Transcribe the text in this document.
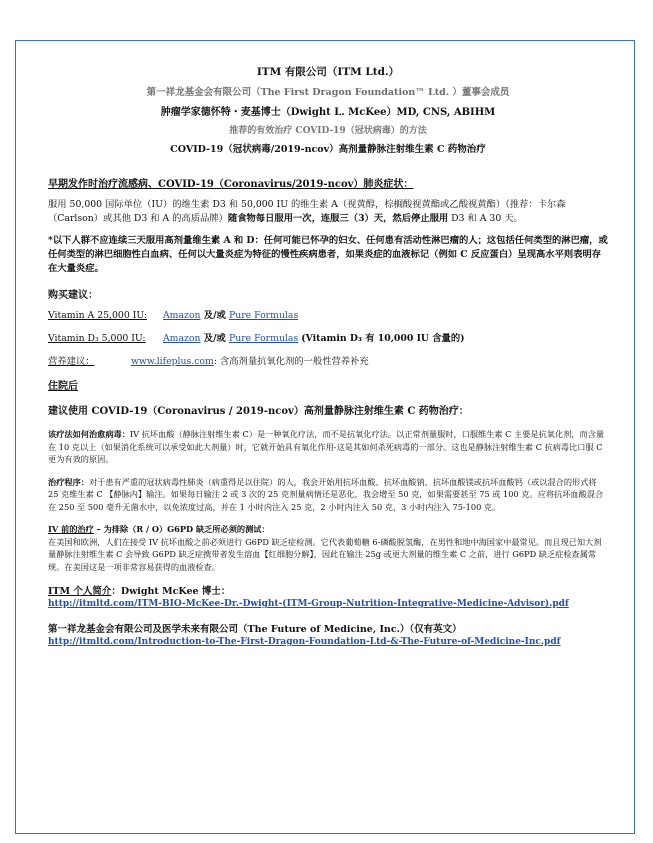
ITM 有限公司（ITM Ltd.）
第一祥龙基金会有限公司（The First Dragon Foundation™ Ltd. ）董事会成员
肿瘤学家德怀特・麦基博士（Dwight L. McKee）MD, CNS, ABIHM
推荐的有效治疗 COVID-19（冠状病毒）的方法
COVID-19（冠状病毒/2019-ncov）高剂量静脉注射维生素 C 药物治疗
早期发作时治疗流感病、COVID-19（Coronavirus/2019-ncov）肺炎症状：

服用 50,000 国际单位（IU）的维生素 D3 和 50,000 IU 的维生素 A（视黄醇，棕榈酸视黄酯或乙酸视黄酯）（推荐：卡尔森（Carlson）或其他 D3 和 A 的高质品牌）随食物每日服用一次，连服三（3）天，然后停止服用 D3 和 A 30 天。

*以下人群不应连续三天服用高剂量维生素 A 和 D：任何可能已怀孕的妇女、任何患有活动性淋巴瘤的人；这包括任何类型的淋巴瘤，或任何类型的淋巴细胞性白血病、任何以大量炎症为特征的慢性疾病患者，如果炎症的血液标记（例如 C 反应蛋白）呈现高水平则表明存在大量炎症。

购买建议：
Vitamin A 25,000 IU: Amazon 及/或 Pure Formulas
Vitamin D₃ 5,000 IU: Amazon 及/或 Pure Formulas (Vitamin D₃ 有 10,000 IU 含量的)
营养建议：	www.lifeplus.com: 含高剂量抗氧化剂的一般性营养补充
住院后
建议使用 COVID-19（Coronavirus / 2019-ncov）高剂量静脉注射维生素 C 药物治疗：

该疗法如何治愈病毒：IV 抗坏血酸（静脉注射维生素 C）是一种氧化疗法，而不是抗氧化疗法。以正常剂量服时，口服维生素 C 主要是抗氧化剂，而含量在 10 克以上（如果消化系统可以承受如此大剂量）时，它就开始具有氧化作用-这是其如何杀死病毒的一部分。这也是静脉注射维生素 C 抗病毒比口服 C 更为有效的原因。

治疗程序：对于患有严重的冠状病毒性肺炎（病重得足以住院）的人，我会开始用抗坏血酸、抗坏血酸钠、抗坏血酸镁或抗坏血酸钙（或以混合的形式将 25 克维生素 C 【静脉内】输注。如果每日输注 2 或 3 次的 25 克剂量病情还是恶化，我会增至 50 克，如果需要甚至 75 或 100 克。应将抗坏血酸混合在 250 至 500 毫升无菌水中，以免浓度过高，并在 1 小时内注入 25 克，2 小时内注入 50 克，3 小时内注入 75-100 克。

IV 前的治疗 – 为排除（R / O）G6PD 缺乏所必须的测试：
在美国和欧洲，人们在接受 IV 抗坏血酸之前必须进行 G6PD 缺乏症检测。它代表葡萄糖 6-磷酸脱氢酶，在男性和地中海国家中最常见。而且现已知大剂量静脉注射维生素 C 会导致 G6PD 缺乏症携带者发生溶血【红细胞分解】，因此在输注 25g 或更大剂量的维生素 C 之前，进行 G6PD 缺乏症检查属常规。在美国这是一项非常容易获得的血液检查。
ITM 个人简介：Dwight McKee 博士：
http://itmltd.com/ITM-BIO-McKee-Dr.-Dwight-(ITM-Group-Nutrition-Integrative-Medicine-Advisor).pdf
第一祥龙基金会有限公司及医学未来有限公司（The Future of Medicine, Inc.）（仅有英文）
http://itmltd.com/Introduction-to-The-First-Dragon-Foundation-Ltd-&-The-Future-of-Medicine-Inc.pdf
